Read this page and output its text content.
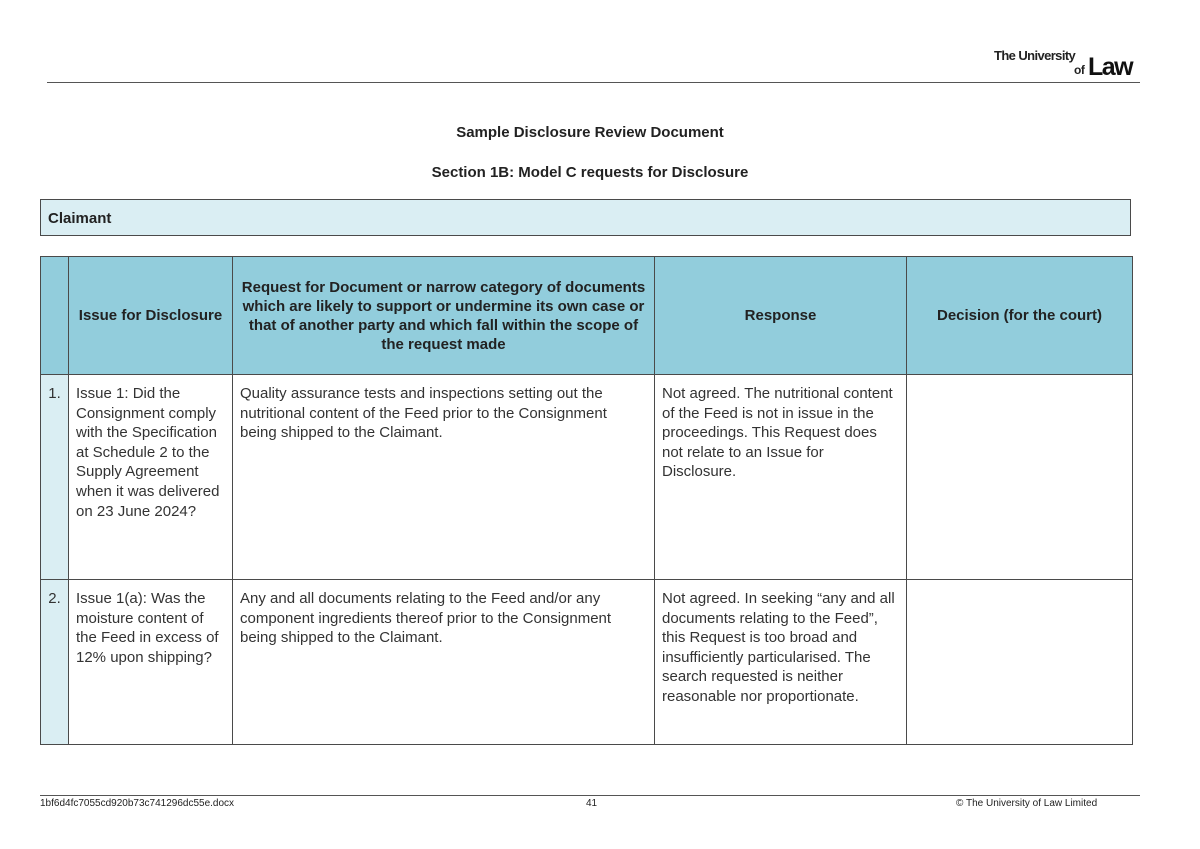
The University
of Law
Sample Disclosure Review Document
Section 1B: Model C requests for Disclosure
Claimant
	Issue for Disclosure	Request for Document or narrow category of documents which are likely to support or undermine its own case or that of another party and which fall within the scope of the request made	Response	Decision (for the court)
1.	Issue 1: Did the Consignment comply with the Specification at Schedule 2 to the Supply Agreement when it was delivered on 23 June 2024?	Quality assurance tests and inspections setting out the nutritional content of the Feed prior to the Consignment being shipped to the Claimant.	Not agreed. The nutritional content of the Feed is not in issue in the proceedings. This Request does not relate to an Issue for Disclosure.	
2.	Issue 1(a): Was the moisture content of the Feed in excess of 12% upon shipping?	Any and all documents relating to the Feed and/or any component ingredients thereof prior to the Consignment being shipped to the Claimant.	Not agreed. In seeking “any and all documents relating to the Feed”, this Request is too broad and insufficiently particularised. The search requested is neither reasonable nor proportionate.	
1bf6d4fc7055cd920b73c741296dc55e.docx	41	© The University of Law Limited
